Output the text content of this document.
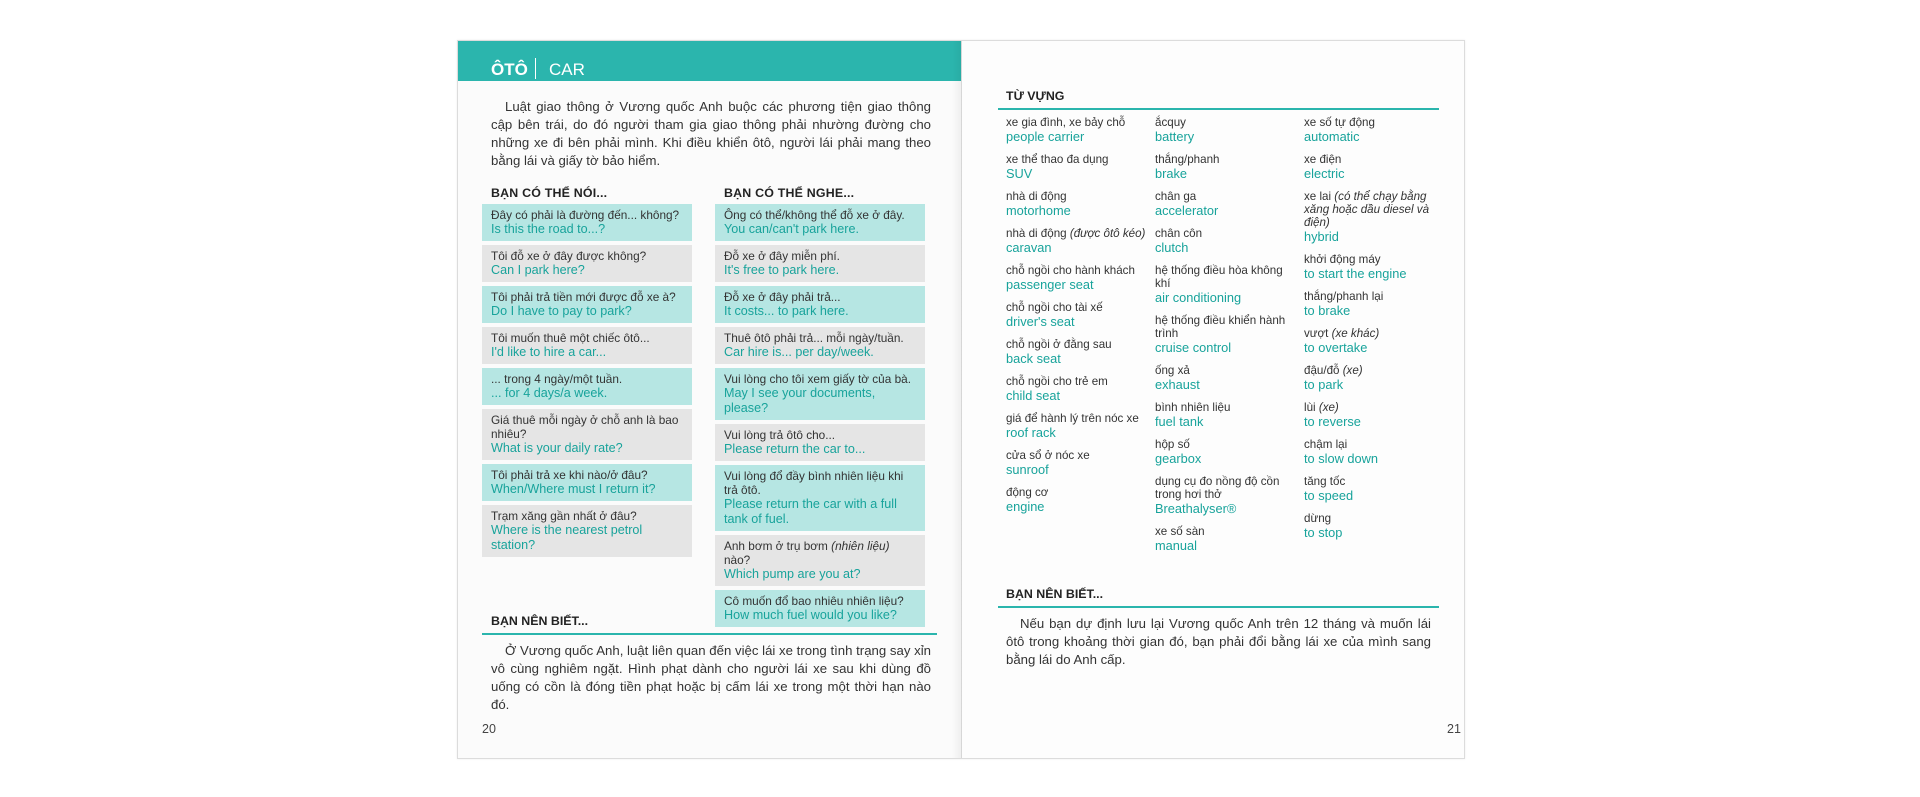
ÔTÔ CAR
Luật giao thông ở Vương quốc Anh buộc các phương tiện giao thông cập bên trái, do đó người tham gia giao thông phải nhường đường cho những xe đi bên phải mình. Khi điều khiển ôtô, người lái phải mang theo bằng lái và giấy tờ bảo hiểm.
BẠN CÓ THỂ NÓI...	BẠN CÓ THỂ NGHE...
Đây có phải là đường đến... không?
Is this the road to...?
Tôi đỗ xe ở đây được không?
Can I park here?
Tôi phải trả tiền mới được đỗ xe à?
Do I have to pay to park?
Tôi muốn thuê một chiếc ôtô...
I'd like to hire a car...
... trong 4 ngày/một tuần.
... for 4 days/a week.
Giá thuê mỗi ngày ở chỗ anh là bao nhiêu?
What is your daily rate?
Tôi phải trả xe khi nào/ở đâu?
When/Where must I return it?
Trạm xăng gần nhất ở đâu?
Where is the nearest petrol station?
Ông có thể/không thể đỗ xe ở đây.
You can/can't park here.
Đỗ xe ở đây miễn phí.
It's free to park here.
Đỗ xe ở đây phải trả...
It costs... to park here.
Thuê ôtô phải trả... mỗi ngày/tuần.
Car hire is... per day/week.
Vui lòng cho tôi xem giấy tờ của bà.
May I see your documents, please?
Vui lòng trả ôtô cho...
Please return the car to...
Vui lòng đổ đầy bình nhiên liệu khi trả ôtô.
Please return the car with a full tank of fuel.
Anh bơm ở trụ bơm (nhiên liệu) nào?
Which pump are you at?
Cô muốn đổ bao nhiêu nhiên liệu?
How much fuel would you like?
BẠN NÊN BIẾT...
Ở Vương quốc Anh, luật liên quan đến việc lái xe trong tình trạng say xỉn vô cùng nghiêm ngặt. Hình phạt dành cho người lái xe sau khi dùng đồ uống có cồn là đóng tiền phạt hoặc bị cấm lái xe trong một thời hạn nào đó.
20
TỪ VỰNG
xe gia đình, xe bảy chỗ
people carrier
xe thể thao đa dụng
SUV
nhà di động
motorhome
nhà di động (được ôtô kéo)
caravan
chỗ ngồi cho hành khách
passenger seat
chỗ ngồi cho tài xế
driver's seat
chỗ ngồi ở đằng sau
back seat
chỗ ngồi cho trẻ em
child seat
giá để hành lý trên nóc xe
roof rack
cửa sổ ở nóc xe
sunroof
động cơ
engine
ắcquy
battery
thắng/phanh
brake
chân ga
accelerator
chân côn
clutch
hệ thống điều hòa không khí
air conditioning
hệ thống điều khiển hành trình
cruise control
ống xả
exhaust
bình nhiên liệu
fuel tank
hộp số
gearbox
dụng cụ đo nồng độ cồn trong hơi thở
Breathalyser®
xe số sàn
manual
xe số tự động
automatic
xe điện
electric
xe lai (có thể chạy bằng xăng hoặc dầu diesel và điện)
hybrid
khởi động máy
to start the engine
thắng/phanh lại
to brake
vượt (xe khác)
to overtake
đậu/đỗ (xe)
to park
lùi (xe)
to reverse
chậm lại
to slow down
tăng tốc
to speed
dừng
to stop
BẠN NÊN BIẾT...
Nếu bạn dự định lưu lại Vương quốc Anh trên 12 tháng và muốn lái ôtô trong khoảng thời gian đó, bạn phải đổi bằng lái xe của mình sang bằng lái do Anh cấp.
21
